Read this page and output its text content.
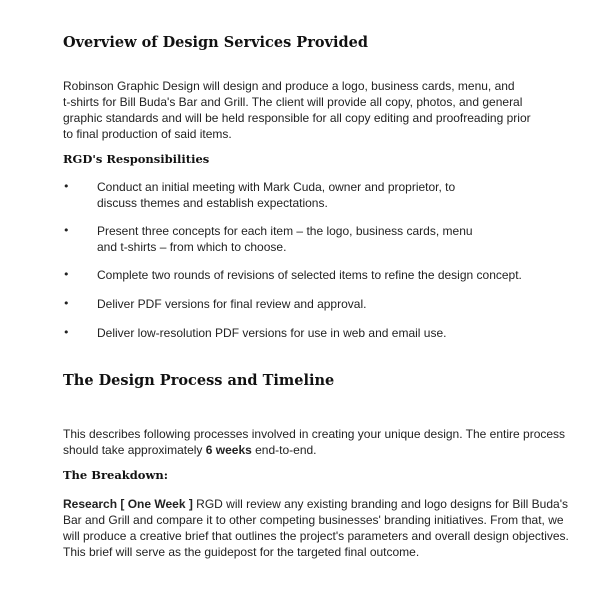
Overview of Design Services Provided
Robinson Graphic Design will design and produce a logo, business cards, menu, and
t-shirts for Bill Buda's Bar and Grill. The client will provide all copy, photos, and general
graphic standards and will be held responsible for all copy editing and proofreading prior
to final production of said items.
RGD's Responsibilities
• Conduct an initial meeting with Mark Cuda, owner and proprietor, to
discuss themes and establish expectations.
• Present three concepts for each item – the logo, business cards, menu
and t-shirts – from which to choose.
• Complete two rounds of revisions of selected items to refine the design concept.
• Deliver PDF versions for final review and approval.
• Deliver low-resolution PDF versions for use in web and email use.
The Design Process and Timeline
This describes following processes involved in creating your unique design. The entire process
should take approximately 6 weeks end-to-end.
The Breakdown:
Research [ One Week ] RGD will review any existing branding and logo designs for Bill Buda's
Bar and Grill and compare it to other competing businesses' branding initiatives. From that, we
will produce a creative brief that outlines the project's parameters and overall design objectives.
This brief will serve as the guidepost for the targeted final outcome.
